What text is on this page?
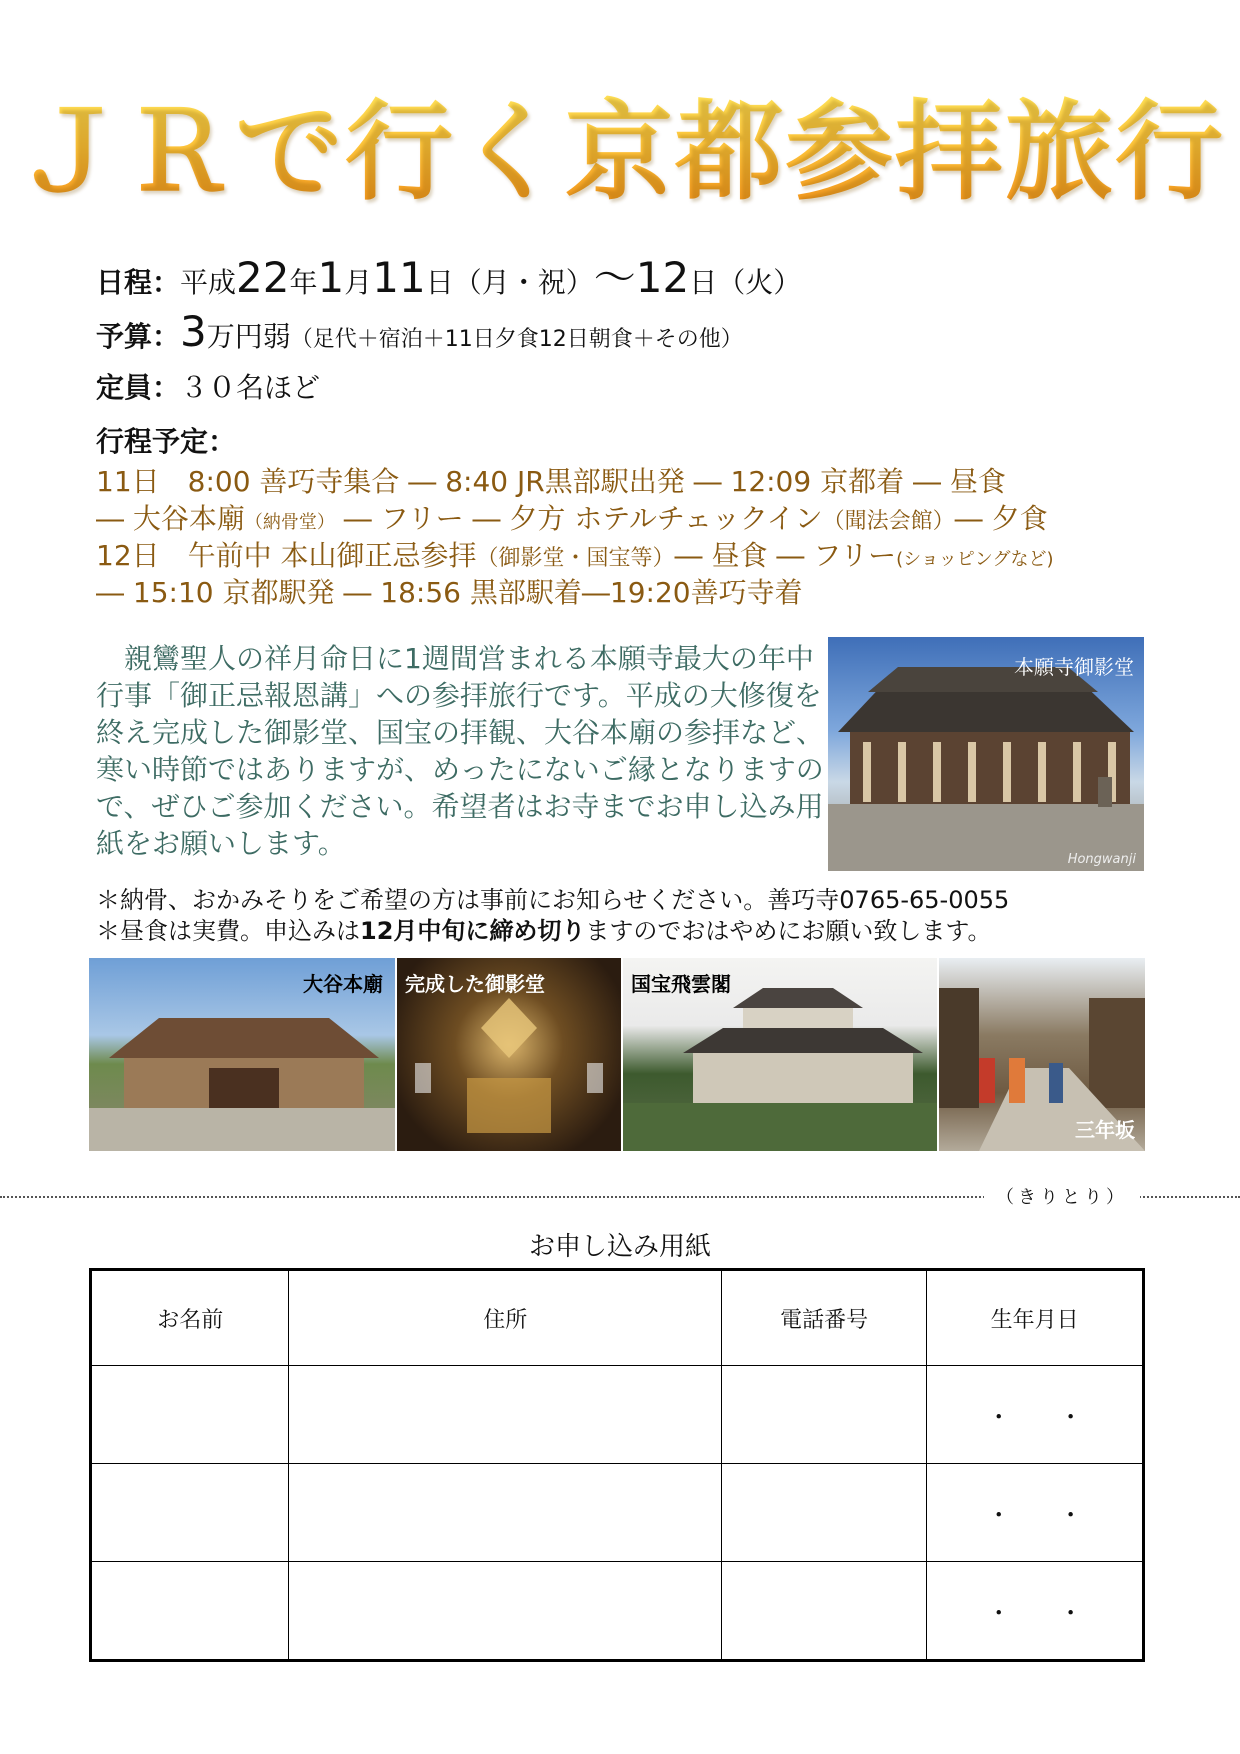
ＪＲで行く京都参拝旅行
日程：平成22年1月11日（月・祝）〜12日（火）
予算：3万円弱（足代＋宿泊＋11日夕食12日朝食＋その他）
定員：３０名ほど
行程予定：
11日　8:00 善巧寺集合 ― 8:40 JR黒部駅出発 ― 12:09 京都着 ― 昼食
― 大谷本廟（納骨堂） ― フリー ― 夕方 ホテルチェックイン（聞法会館）― 夕食
12日　午前中 本山御正忌参拝（御影堂・国宝等）― 昼食 ― フリー(ショッピングなど)
― 15:10 京都駅発 ― 18:56 黒部駅着―19:20善巧寺着
　親鸞聖人の祥月命日に1週間営まれる本願寺最大の年中行事「御正忌報恩講」への参拝旅行です。平成の大修復を終え完成した御影堂、国宝の拝観、大谷本廟の参拝など、寒い時節ではありますが、めったにないご縁となりますので、ぜひご参加ください。希望者はお寺までお申し込み用紙をお願いします。
本願寺御影堂
Hongwanji
＊納骨、おかみそりをご希望の方は事前にお知らせください。善巧寺0765-65-0055
＊昼食は実費。申込みは12月中旬に締め切りますのでおはやめにお願い致します。
大谷本廟 完成した御影堂	国宝飛雲閣
三年坂
（きりとり）
お申し込み用紙
お名前	住所	電話番号	生年月日
			・　　・
			・　　・
			・　　・
